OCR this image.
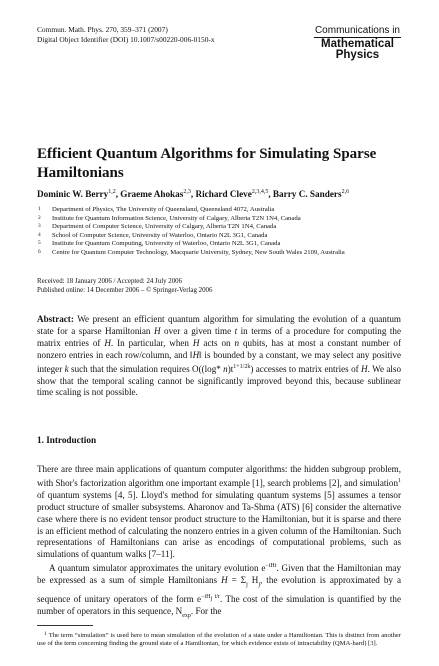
Commun. Math. Phys. 270, 359–371 (2007)
Digital Object Identifier (DOI) 10.1007/s00220-006-0150-x
Communications in
Mathematical
Physics
Efficient Quantum Algorithms for Simulating Sparse Hamiltonians
Dominic W. Berry$^{1,2}$, Graeme Ahokas$^{2,3}$, Richard Cleve$^{2,3,4,5}$, Barry C. Sanders$^{2,6}$
1 Department of Physics, The University of Queensland, Queensland 4072, Australia
2 Institute for Quantum Information Science, University of Calgary, Alberta T2N 1N4, Canada
3 Department of Computer Science, University of Calgary, Alberta T2N 1N4, Canada
4 School of Computer Science, University of Waterloo, Ontario N2L 3G1, Canada
5 Institute for Quantum Computing, University of Waterloo, Ontario N2L 3G1, Canada
6 Centre for Quantum Computer Technology, Macquarie University, Sydney, New South Wales 2109, Australia
Received: 18 January 2006 / Accepted: 24 July 2006
Published online: 14 December 2006 – © Springer-Verlag 2006
Abstract: We present an efficient quantum algorithm for simulating the evolution of a quantum state for a sparse Hamiltonian H over a given time t in terms of a procedure for computing the matrix entries of H. In particular, when H acts on n qubits, has at most a constant number of nonzero entries in each row/column, and ‖H‖ is bounded by a constant, we may select any positive integer k such that the simulation requires O((log* $n)t^{1+1/2k}$) accesses to matrix entries of H. We also show that the temporal scaling cannot be significantly improved beyond this, because sublinear time scaling is not possible.
1. Introduction

There are three main applications of quantum computer algorithms: the hidden subgroup problem, with Shor's factorization algorithm one important example [1], search problems [2], and simulation$^1$ of quantum systems [4, 5]. Lloyd's method for simulating quantum systems [5] assumes a tensor product structure of smaller subsystems. Aharonov and Ta-Shma (ATS) [6] consider the alternative case where there is no evident tensor product structure to the Hamiltonian, but it is sparse and there is an efficient method of calculating the nonzero entries in a given column of the Hamiltonian. Such representations of Hamiltonians can arise as encodings of computational problems, such as simulations of quantum walks [7–11].

A quantum simulator approximates the unitary evolution $e^{-iHt}$. Given that the Hamiltonian may be expressed as a sum of simple Hamiltonians $H = \Sigma_j$ $H_j$, the evolution is approximated by a sequence of unitary operators of the form $e^{-iH_j t/r}$. The cost of the simulation is quantified by the number of operators in this sequence, $N_{exp}$. For the

$^1$ The term “simulation” is used here to mean simulation of the evolution of a state under a Hamiltonian. This is distinct from another use of the term concerning finding the ground state of a Hamiltonian, for which evidence exists of intractability (QMA-hard) [3].
